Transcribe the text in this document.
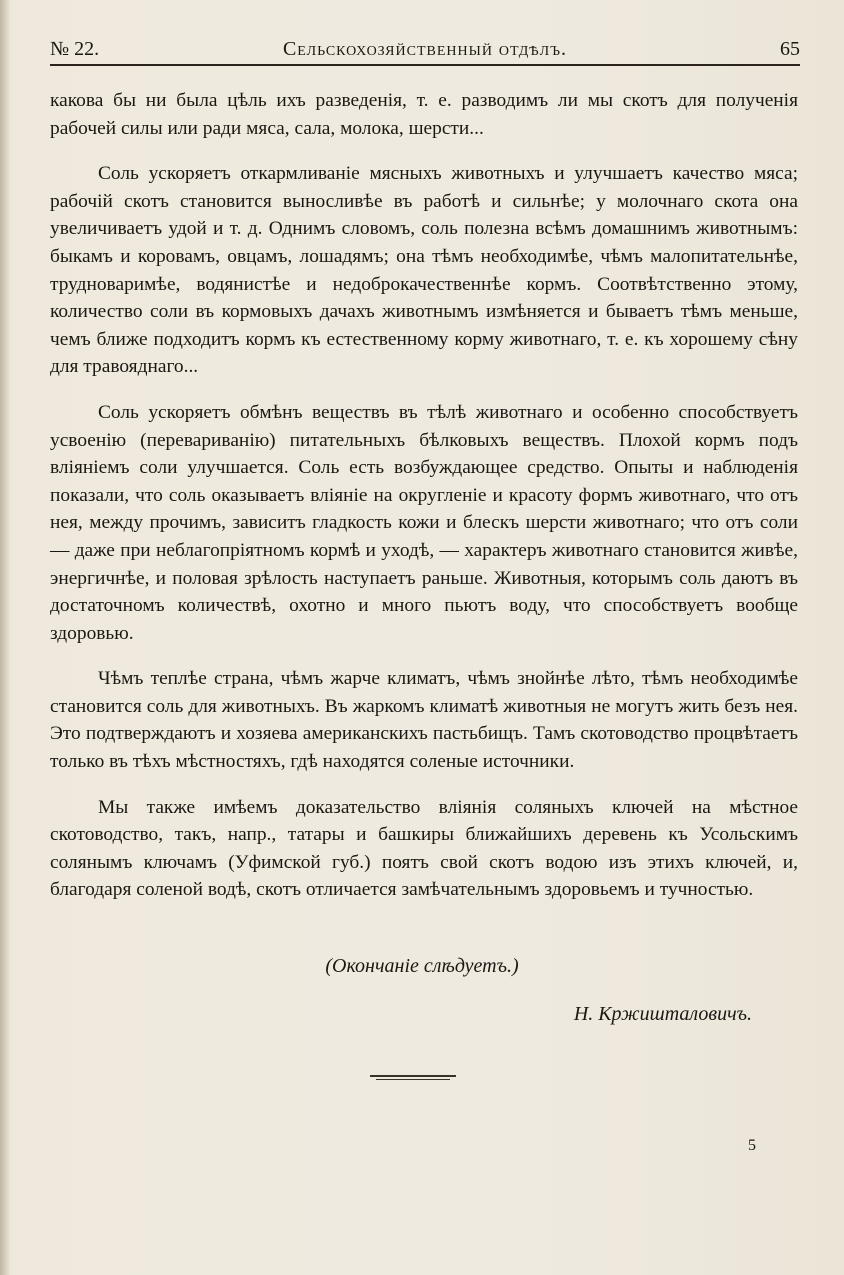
№ 22.	Сельскохозяйственный отдѣлъ.	65

какова бы ни была цѣль ихъ разведенія, т. е. разводимъ ли мы скотъ для полученія рабочей силы или ради мяса, сала, молока, шерсти...

Соль ускоряетъ откармливаніе мясныхъ животныхъ и улучшаетъ качество мяса; рабочій скотъ становится выносливѣе въ работѣ и сильнѣе; у молочнаго скота она увеличиваетъ удой и т. д. Однимъ словомъ, соль полезна всѣмъ домашнимъ животнымъ: быкамъ и коровамъ, овцамъ, лошадямъ; она тѣмъ необходимѣе, чѣмъ малопитательнѣе, трудноваримѣе, водянистѣе и недоброкачественнѣе кормъ. Соотвѣтственно этому, количество соли въ кормовыхъ дачахъ животнымъ измѣняется и бываетъ тѣмъ меньше, чемъ ближе подходитъ кормъ къ естественному корму животнаго, т. е. къ хорошему сѣну для травояднаго...

Соль ускоряетъ обмѣнъ веществъ въ тѣлѣ животнаго и особенно способствуетъ усвоенію (перевариванію) питательныхъ бѣлковыхъ веществъ. Плохой кормъ подъ вліяніемъ соли улучшается. Соль есть возбуждающее средство. Опыты и наблюденія показали, что соль оказываетъ вліяніе на округленіе и красоту формъ животнаго, что отъ нея, между прочимъ, зависитъ гладкость кожи и блескъ шерсти животнаго; что отъ соли — даже при неблагопріятномъ кормѣ и уходѣ, — характеръ животнаго становится живѣе, энергичнѣе, и половая зрѣлость наступаетъ раньше. Животныя, которымъ соль даютъ въ достаточномъ количествѣ, охотно и много пьютъ воду, что способствуетъ вообще здоровью.

Чѣмъ теплѣе страна, чѣмъ жарче климатъ, чѣмъ знойнѣе лѣто, тѣмъ необходимѣе становится соль для животныхъ. Въ жаркомъ климатѣ животныя не могутъ жить безъ нея. Это подтверждаютъ и хозяева американскихъ пастьбищъ. Тамъ скотоводство процвѣтаетъ только въ тѣхъ мѣстностяхъ, гдѣ находятся соленые источники.

Мы также имѣемъ доказательство вліянія соляныхъ ключей на мѣстное скотоводство, такъ, напр., татары и башкиры ближайшихъ деревень къ Усольскимъ солянымъ ключамъ (Уфимской губ.) поятъ свой скотъ водою изъ этихъ ключей, и, благодаря соленой водѣ, скотъ отличается замѣчательнымъ здоровьемъ и тучностью.

(Окончаніе слѣдуетъ.)
Н. Кржишталовичъ.
5
